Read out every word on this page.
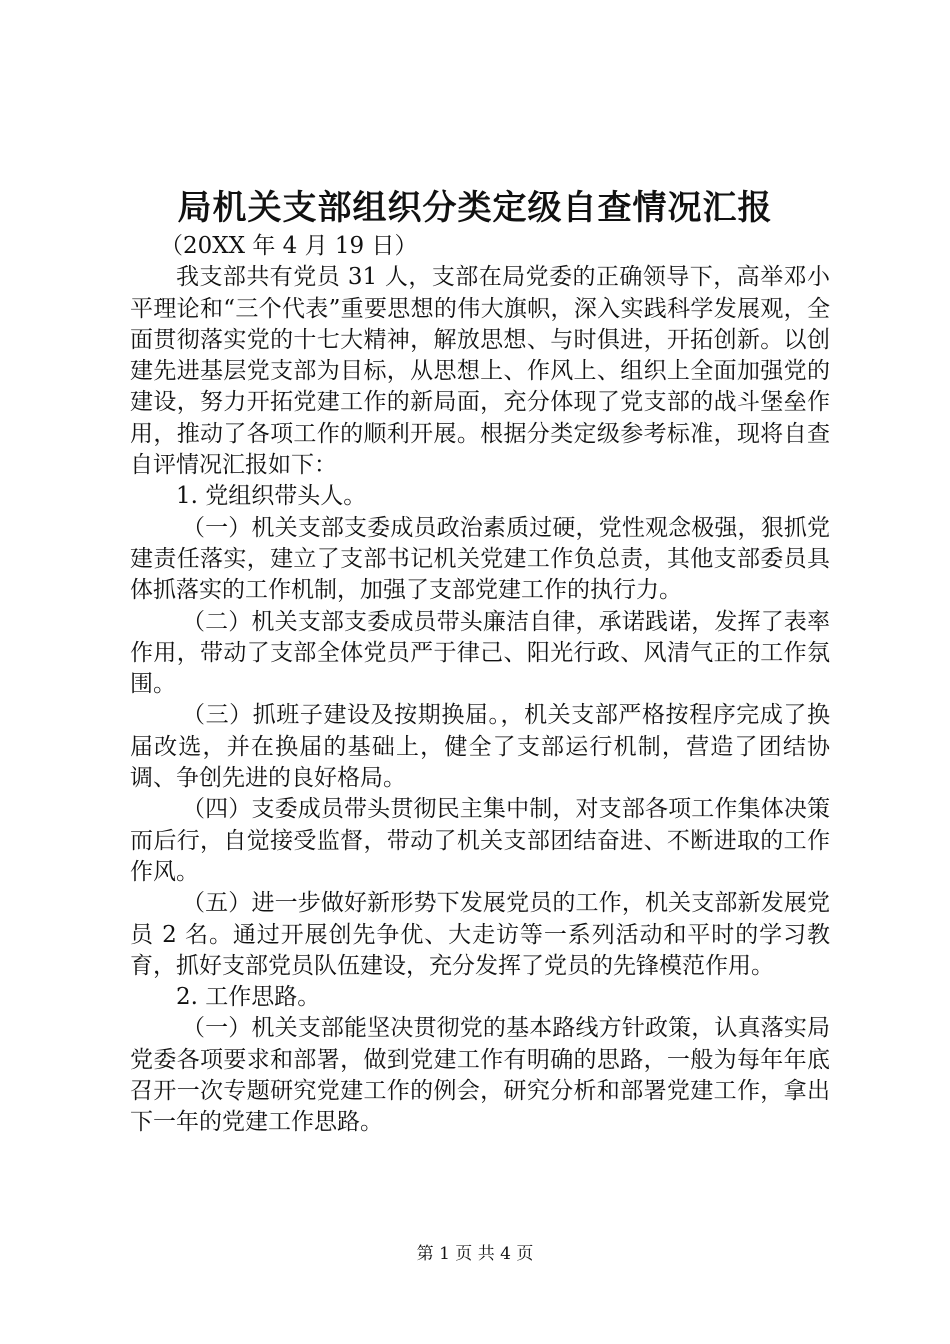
局机关支部组织分类定级自查情况汇报

（20XX 年 4 月 19 日）

我支部共有党员 31 人，支部在局党委的正确领导下，高举邓小平理论和“三个代表”重要思想的伟大旗帜，深入实践科学发展观，全面贯彻落实党的十七大精神，解放思想、与时俱进，开拓创新。以创建先进基层党支部为目标，从思想上、作风上、组织上全面加强党的建设，努力开拓党建工作的新局面，充分体现了党支部的战斗堡垒作用，推动了各项工作的顺利开展。根据分类定级参考标准，现将自查自评情况汇报如下：

1. 党组织带头人。

（一）机关支部支委成员政治素质过硬，党性观念极强，狠抓党建责任落实，建立了支部书记机关党建工作负总责，其他支部委员具体抓落实的工作机制，加强了支部党建工作的执行力。

（二）机关支部支委成员带头廉洁自律，承诺践诺，发挥了表率作用，带动了支部全体党员严于律己、阳光行政、风清气正的工作氛围。

（三）抓班子建设及按期换届。，机关支部严格按程序完成了换届改选，并在换届的基础上，健全了支部运行机制，营造了团结协调、争创先进的良好格局。

（四）支委成员带头贯彻民主集中制，对支部各项工作集体决策而后行，自觉接受监督，带动了机关支部团结奋进、不断进取的工作作风。

（五）进一步做好新形势下发展党员的工作，机关支部新发展党员 2 名。通过开展创先争优、大走访等一系列活动和平时的学习教育，抓好支部党员队伍建设，充分发挥了党员的先锋模范作用。

2. 工作思路。

（一）机关支部能坚决贯彻党的基本路线方针政策，认真落实局党委各项要求和部署，做到党建工作有明确的思路，一般为每年年底召开一次专题研究党建工作的例会，研究分析和部署党建工作，拿出下一年的党建工作思路。

第 1 页 共 4 页
